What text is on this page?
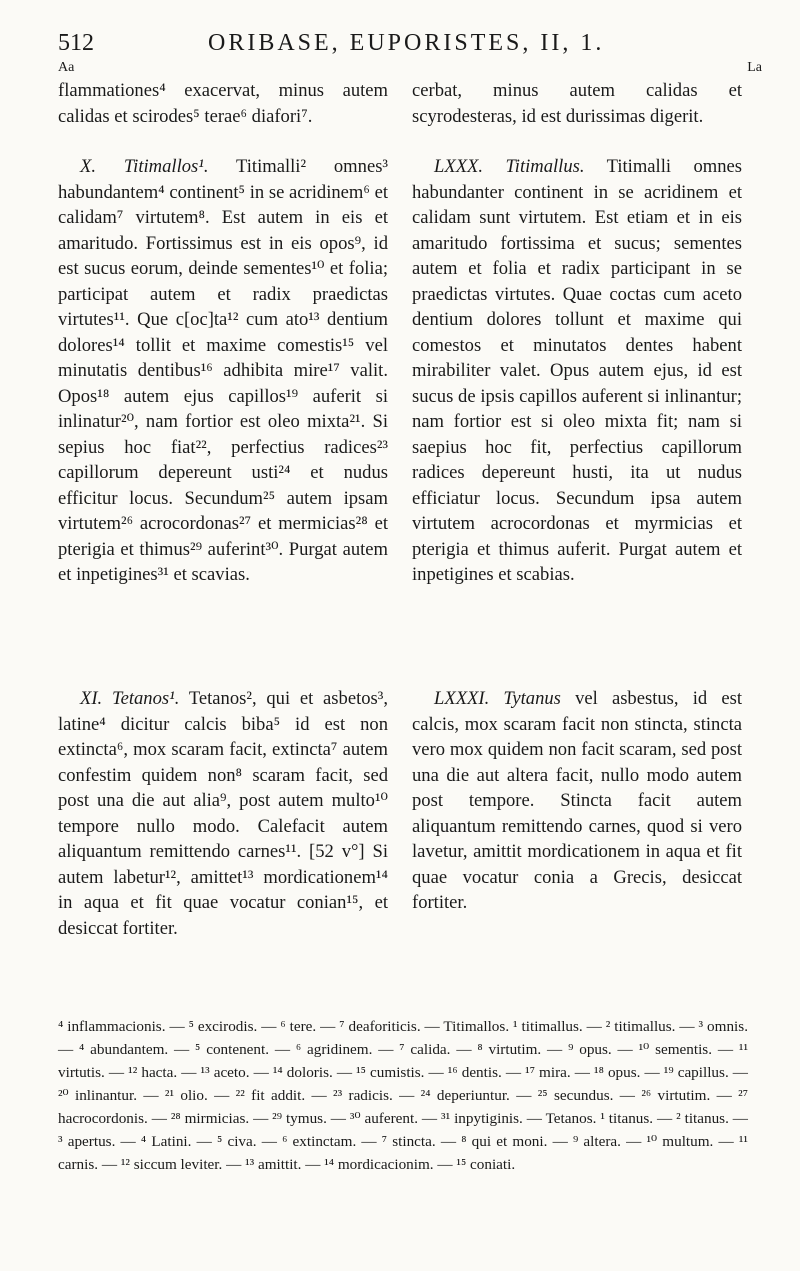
512	ORIBASE, EUPORISTES, II, 1.
Aa	La

flammationes⁴ exacervat, minus autem calidas et scirodes⁵ terae⁶ diafori⁷.

X. Titimallos¹. Titimalli² omnes³ habundantem⁴ continent⁵ in se acridinem⁶ et calidam⁷ virtutem⁸. Est autem in eis et amaritudo. Fortissimus est in eis opos⁹, id est sucus eorum, deinde sementes¹⁰ et folia; participat autem et radix praedictas virtutes¹¹. Que c[oc]ta¹² cum ato¹³ dentium dolores¹⁴ tollit et maxime comestis¹⁵ vel minutatis dentibus¹⁶ adhibita mire¹⁷ valit. Opos¹⁸ autem ejus capillos¹⁹ auferit si inlinatur²⁰, nam fortior est oleo mixta²¹. Si sepius hoc fiat²², perfectius radices²³ capillorum depereunt usti²⁴ et nudus efficitur locus. Secundum²⁵ autem ipsam virtutem²⁶ acrocordonas²⁷ et mermicias²⁸ et pterigia et thimus²⁹ auferint³⁰. Purgat autem et inpetigines³¹ et scavias.

XI. Tetanos¹. Tetanos², qui et asbetos³, latine⁴ dicitur calcis biba⁵ id est non extincta⁶, mox scaram facit, extincta⁷ autem confestim quidem non⁸ scaram facit, sed post una die aut alia⁹, post autem multo¹⁰ tempore nullo modo. Calefacit autem aliquantum remittendo carnes¹¹. [52 v°] Si autem labetur¹², amittet¹³ mordicationem¹⁴ in aqua et fit quae vocatur conian¹⁵, et desiccat fortiter.

cerbat, minus autem calidas et scyrodesteras, id est durissimas digerit.

LXXX. Titimallus. Titimalli omnes habundanter continent in se acridinem et calidam sunt virtutem. Est etiam et in eis amaritudo fortissima et sucus; sementes autem et folia et radix participant in se praedictas virtutes. Quae coctas cum aceto dentium dolores tollunt et maxime qui comestos et minutatos dentes habent mirabiliter valet. Opus autem ejus, id est sucus de ipsis capillos auferent si inlinantur; nam fortior est si oleo mixta fit; nam si saepius hoc fit, perfectius capillorum radices depereunt husti, ita ut nudus efficiatur locus. Secundum ipsa autem virtutem acrocordonas et myrmicias et pterigia et thimus auferit. Purgat autem et inpetigines et scabias.

LXXXI. Tytanus vel asbestus, id est calcis, mox scaram facit non stincta, stincta vero mox quidem non facit scaram, sed post una die aut altera facit, nullo modo autem post tempore. Stincta facit autem aliquantum remittendo carnes, quod si vero lavetur, amittit mordicationem in aqua et fit quae vocatur conia a Grecis, desiccat fortiter.

⁴ inflammacionis. — ⁵ excirodis. — ⁶ tere. — ⁷ deaforiticis. — Titimallos. ¹ titimallus. — ² titimallus. — ³ omnis. — ⁴ abundantem. — ⁵ contenent. — ⁶ agridinem. — ⁷ calida. — ⁸ virtutim. — ⁹ opus. — ¹⁰ sementis. — ¹¹ virtutis. — ¹² hacta. — ¹³ aceto. — ¹⁴ doloris. — ¹⁵ cumistis. — ¹⁶ dentis. — ¹⁷ mira. — ¹⁸ opus. — ¹⁹ capillus. — ²⁰ inlinantur. — ²¹ olio. — ²² fit addit. — ²³ radicis. — ²⁴ deperiuntur. — ²⁵ secundus. — ²⁶ virtutim. — ²⁷ hacrocordonis. — ²⁸ mirmicias. — ²⁹ tymus. — ³⁰ auferent. — ³¹ inpytiginis. — Tetanos. ¹ titanus. — ² titanus. — ³ apertus. — ⁴ Latini. — ⁵ civa. — ⁶ extinctam. — ⁷ stincta. — ⁸ qui et moni. — ⁹ altera. — ¹⁰ multum. — ¹¹ carnis. — ¹² siccum leviter. — ¹³ amittit. — ¹⁴ mordicacionim. — ¹⁵ coniati.
